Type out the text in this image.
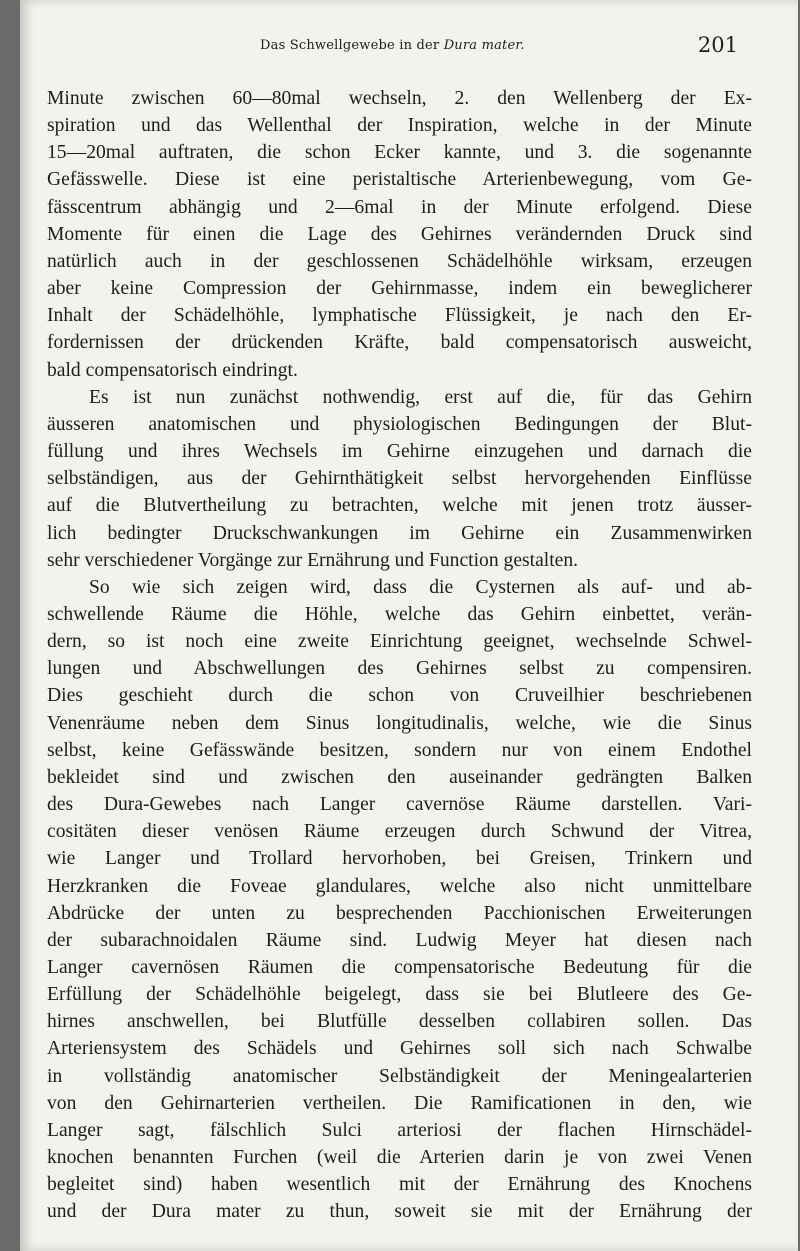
Das Schwellgewebe in der Dura mater.	201
Minute zwischen 60—80mal wechseln, 2. den Wellenberg der Ex-
spiration und das Wellenthal der Inspiration, welche in der Minute
15—20mal auftraten, die schon Ecker kannte, und 3. die sogenannte
Gefässwelle. Diese ist eine peristaltische Arterienbewegung, vom Ge-
fässcentrum abhängig und 2—6mal in der Minute erfolgend. Diese
Momente für einen die Lage des Gehirnes verändernden Druck sind
natürlich auch in der geschlossenen Schädelhöhle wirksam, erzeugen
aber keine Compression der Gehirnmasse, indem ein beweglicherer
Inhalt der Schädelhöhle, lymphatische Flüssigkeit, je nach den Er-
fordernissen der drückenden Kräfte, bald compensatorisch ausweicht,
bald compensatorisch eindringt.
Es ist nun zunächst nothwendig, erst auf die, für das Gehirn
äusseren anatomischen und physiologischen Bedingungen der Blut-
füllung und ihres Wechsels im Gehirne einzugehen und darnach die
selbständigen, aus der Gehirnthätigkeit selbst hervorgehenden Einflüsse
auf die Blutvertheilung zu betrachten, welche mit jenen trotz äusser-
lich bedingter Druckschwankungen im Gehirne ein Zusammenwirken
sehr verschiedener Vorgänge zur Ernährung und Function gestalten.
So wie sich zeigen wird, dass die Cysternen als auf- und ab-
schwellende Räume die Höhle, welche das Gehirn einbettet, verän-
dern, so ist noch eine zweite Einrichtung geeignet, wechselnde Schwel-
lungen und Abschwellungen des Gehirnes selbst zu compensiren.
Dies geschieht durch die schon von Cruveilhier beschriebenen
Venenräume neben dem Sinus longitudinalis, welche, wie die Sinus
selbst, keine Gefässwände besitzen, sondern nur von einem Endothel
bekleidet sind und zwischen den auseinander gedrängten Balken
des Dura-Gewebes nach Langer cavernöse Räume darstellen. Vari-
cositäten dieser venösen Räume erzeugen durch Schwund der Vitrea,
wie Langer und Trollard hervorhoben, bei Greisen, Trinkern und
Herzkranken die Foveae glandulares, welche also nicht unmittelbare
Abdrücke der unten zu besprechenden Pacchionischen Erweiterungen
der subarachnoidalen Räume sind. Ludwig Meyer hat diesen nach
Langer cavernösen Räumen die compensatorische Bedeutung für die
Erfüllung der Schädelhöhle beigelegt, dass sie bei Blutleere des Ge-
hirnes anschwellen, bei Blutfülle desselben collabiren sollen. Das
Arteriensystem des Schädels und Gehirnes soll sich nach Schwalbe
in vollständig anatomischer Selbständigkeit der Meningealarterien
von den Gehirnarterien vertheilen. Die Ramificationen in den, wie
Langer sagt, fälschlich Sulci arteriosi der flachen Hirnschädel-
knochen benannten Furchen (weil die Arterien darin je von zwei Venen
begleitet sind) haben wesentlich mit der Ernährung des Knochens
und der Dura mater zu thun, soweit sie mit der Ernährung der
